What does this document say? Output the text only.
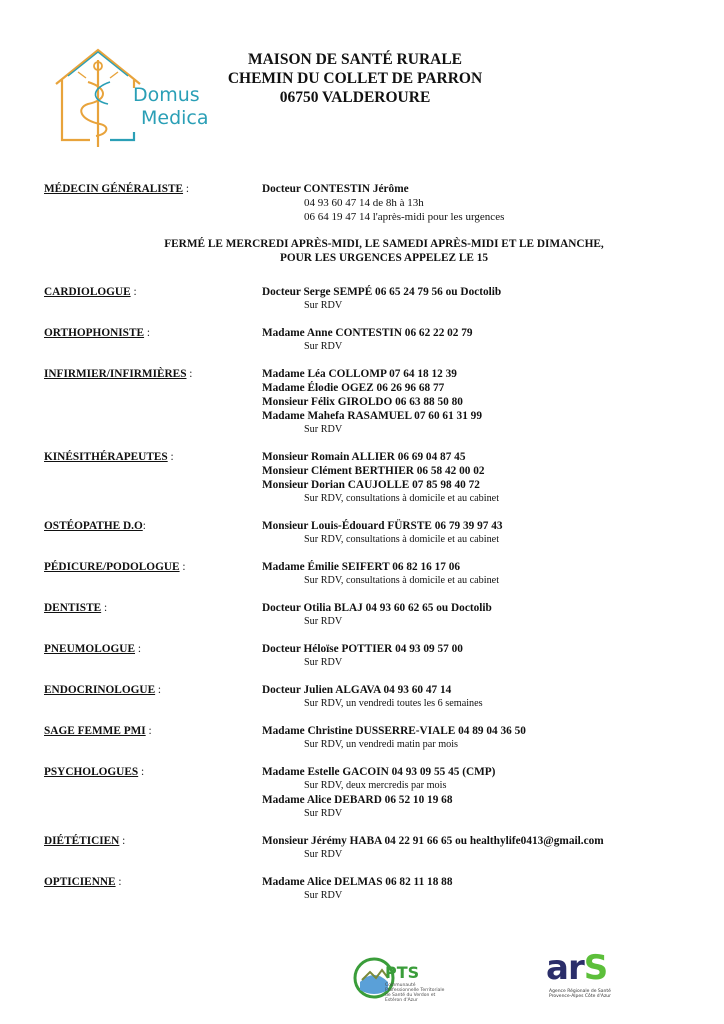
Domus
Medica
MAISON DE SANTÉ RURALE
CHEMIN DU COLLET DE PARRON
06750 VALDEROURE
MÉDECIN GÉNÉRALISTE :	Docteur CONTESTIN Jérôme
04 93 60 47 14 de 8h à 13h
06 64 19 47 14 l'après-midi pour les urgences
FERMÉ LE MERCREDI APRÈS-MIDI, LE SAMEDI APRÈS-MIDI ET LE DIMANCHE,
POUR LES URGENCES APPELEZ LE 15
CARDIOLOGUE :	Docteur Serge SEMPÉ 06 65 24 79 56 ou Doctolib
Sur RDV
ORTHOPHONISTE :	Madame Anne CONTESTIN 06 62 22 02 79
Sur RDV
INFIRMIER/INFIRMIÈRES :	Madame Léa COLLOMP 07 64 18 12 39
Madame Élodie OGEZ 06 26 96 68 77
Monsieur Félix GIROLDO 06 63 88 50 80
Madame Mahefa RASAMUEL 07 60 61 31 99
Sur RDV
KINÉSITHÉRAPEUTES :	Monsieur Romain ALLIER 06 69 04 87 45
Monsieur Clément BERTHIER 06 58 42 00 02
Monsieur Dorian CAUJOLLE 07 85 98 40 72
Sur RDV, consultations à domicile et au cabinet
OSTÉOPATHE D.O:	Monsieur Louis-Édouard FÜRSTE 06 79 39 97 43
Sur RDV, consultations à domicile et au cabinet
PÉDICURE/PODOLOGUE :	Madame Émilie SEIFERT 06 82 16 17 06
Sur RDV, consultations à domicile et au cabinet
DENTISTE :	Docteur Otilia BLAJ 04 93 60 62 65 ou Doctolib
Sur RDV
PNEUMOLOGUE :	Docteur Héloïse POTTIER 04 93 09 57 00
Sur RDV
ENDOCRINOLOGUE :	Docteur Julien ALGAVA 04 93 60 47 14
Sur RDV, un vendredi toutes les 6 semaines
SAGE FEMME PMI :	Madame Christine DUSSERRE-VIALE 04 89 04 36 50
Sur RDV, un vendredi matin par mois
PSYCHOLOGUES :	Madame Estelle GACOIN 04 93 09 55 45 (CMP)
Sur RDV, deux mercredis par mois
Madame Alice DEBARD 06 52 10 19 68
Sur RDV
DIÉTÉTICIEN :	Monsieur Jérémy HABA 04 22 91 66 65 ou healthylife0413@gmail.com
Sur RDV
OPTICIENNE :	Madame Alice DELMAS 06 82 11 18 88
Sur RDV
PTS
Communauté Professionnelle Territoriale de Santé du Verdon et Estéron d'Azur
arS
Agence Régionale de Santé Provence-Alpes Côte d'Azur
